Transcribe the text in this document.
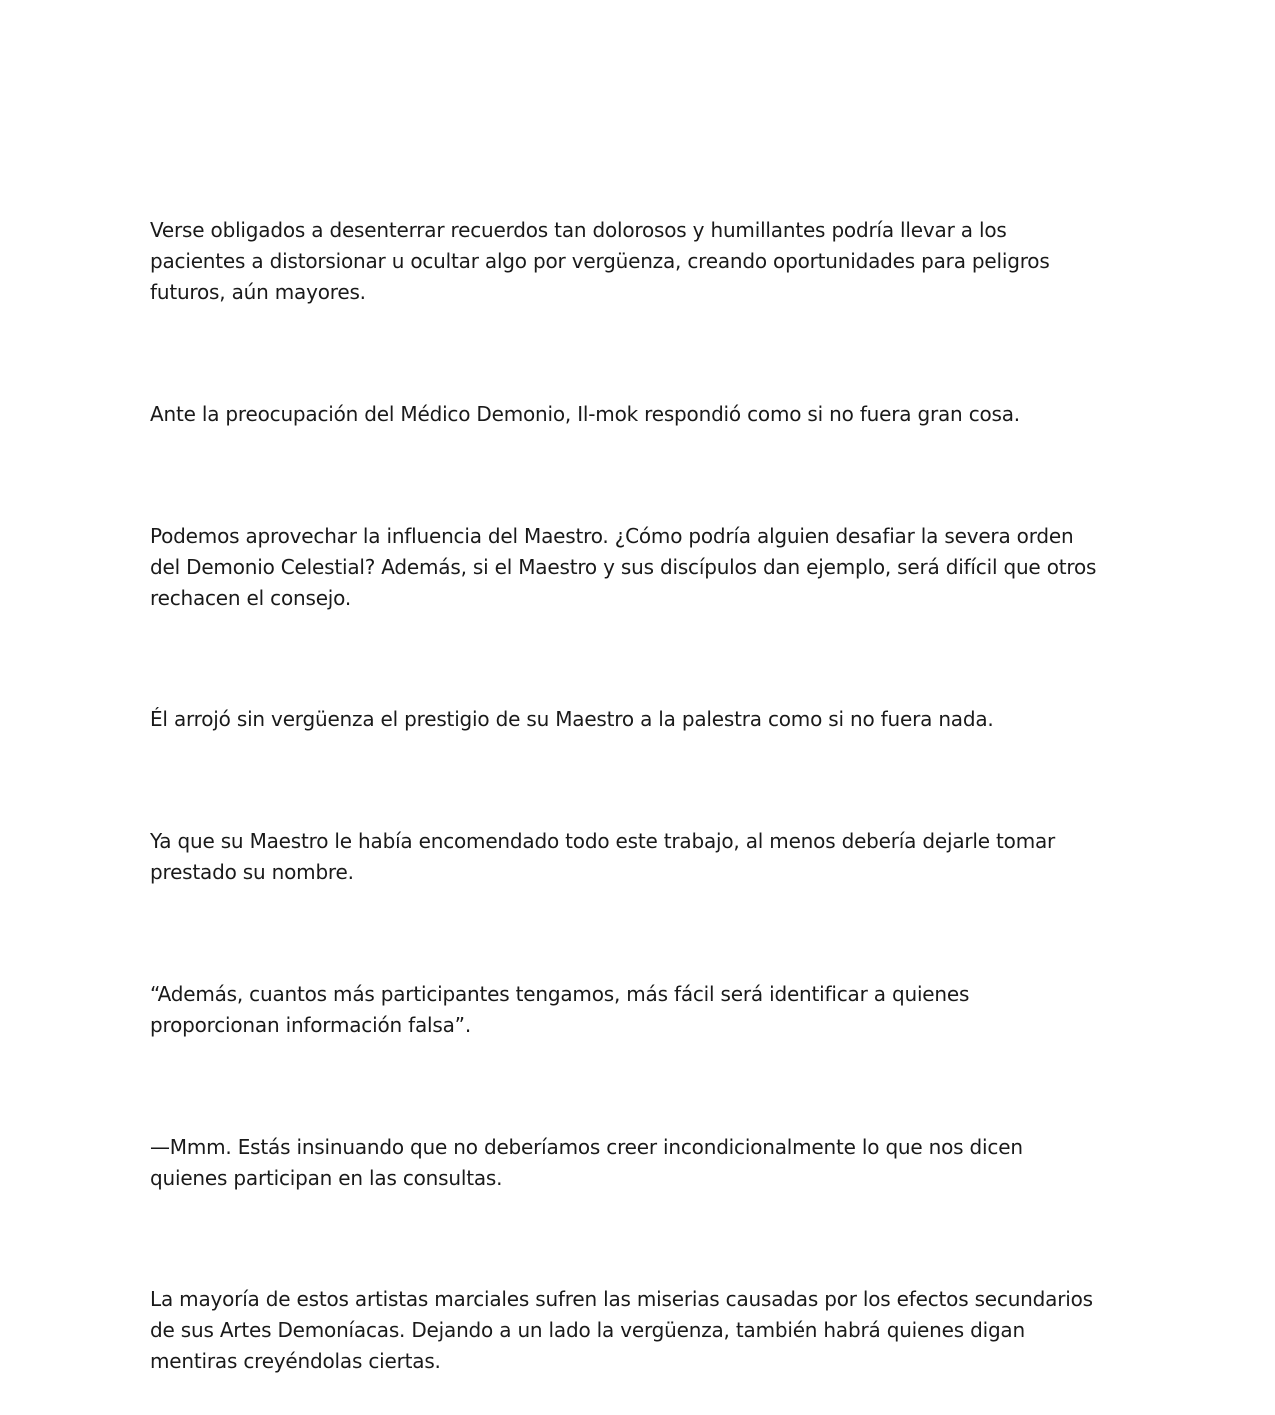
Verse obligados a desenterrar recuerdos tan dolorosos y humillantes podría llevar a los
pacientes a distorsionar u ocultar algo por vergüenza, creando oportunidades para peligros
futuros, aún mayores.

Ante la preocupación del Médico Demonio, Il-mok respondió como si no fuera gran cosa.

Podemos aprovechar la influencia del Maestro. ¿Cómo podría alguien desafiar la severa orden
del Demonio Celestial? Además, si el Maestro y sus discípulos dan ejemplo, será difícil que otros
rechacen el consejo.

Él arrojó sin vergüenza el prestigio de su Maestro a la palestra como si no fuera nada.

Ya que su Maestro le había encomendado todo este trabajo, al menos debería dejarle tomar
prestado su nombre.

“Además, cuantos más participantes tengamos, más fácil será identificar a quienes
proporcionan información falsa”.

—Mmm. Estás insinuando que no deberíamos creer incondicionalmente lo que nos dicen
quienes participan en las consultas.

La mayoría de estos artistas marciales sufren las miserias causadas por los efectos secundarios
de sus Artes Demoníacas. Dejando a un lado la vergüenza, también habrá quienes digan
mentiras creyéndolas ciertas.
